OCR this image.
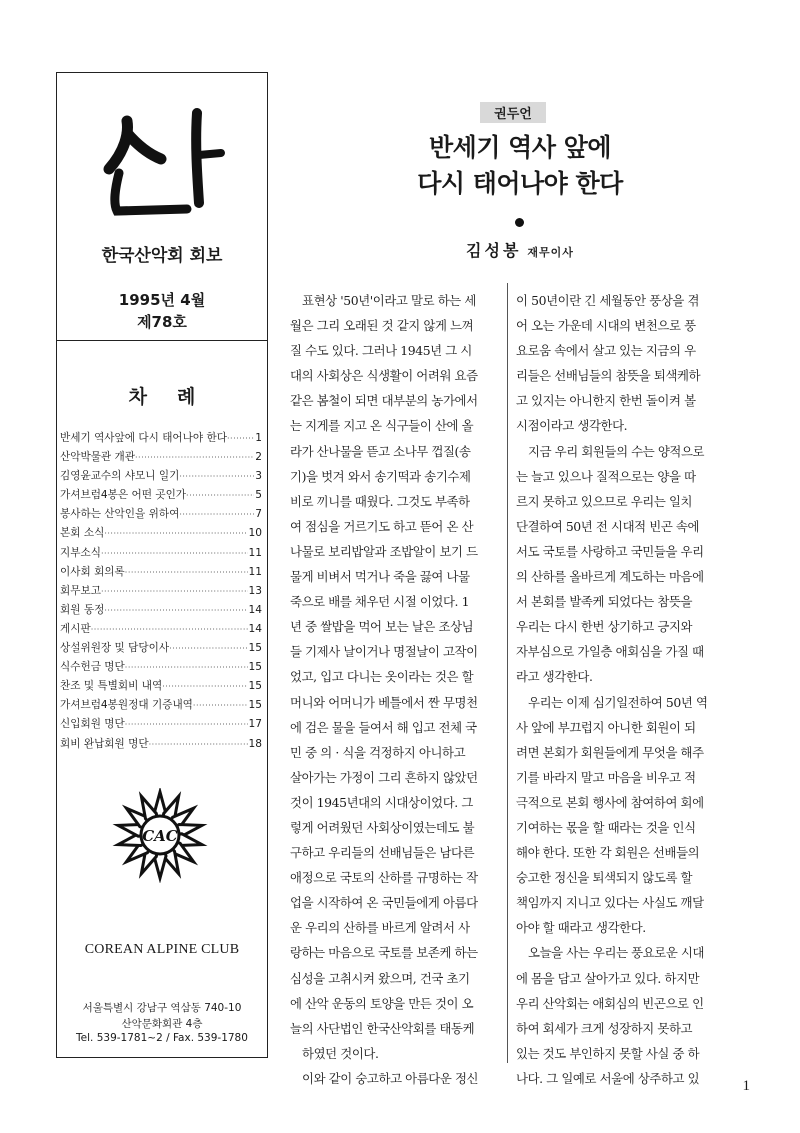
한국산악회 회보
1995년 4월
제78호
차례
반세기 역사앞에 다시 태어나야 한다 ·····	1
산악박물관 개관 ·····	2
김영윤교수의 샤모니 일기 ·····	3
가셔브럼4봉은 어떤 곳인가 ·····	5
봉사하는 산악인을 위하여 ·····	7
본회 소식 ·····	10
지부소식 ·····	11
이사회 회의록 ·····	11
회무보고 ·····	13
회원 동정 ·····	14
게시판 ·····	14
상설위원장 및 담당이사 ·····	15
식수헌금 명단 ·····	15
찬조 및 특별회비 내역 ·····	15
가셔브럼4봉원정대 기증내역 ·····	15
신입회원 명단 ·····	17
회비 완납회원 명단 ·····	18
CAC
COREAN ALPINE CLUB
서울특별시 강남구 역삼동 740-10
산악문화회관 4층
Tel. 539-1781~2 / Fax. 539-1780
권두언
반세기 역사 앞에
다시 태어나야 한다
김성봉 재무이사
표현상 '50년'이라고 말로 하는 세
월은 그리 오래된 것 같지 않게 느껴
질 수도 있다. 그러나 1945년 그 시
대의 사회상은 식생활이 어려워 요즘
같은 봄철이 되면 대부분의 농가에서
는 지게를 지고 온 식구들이 산에 올
라가 산나물을 뜯고 소나무 껍질(송
기)을 벗겨 와서 송기떡과 송기수제
비로 끼니를 때웠다. 그것도 부족하
여 점심을 거르기도 하고 뜯어 온 산
나물로 보리밥알과 조밥알이 보기 드
물게 비벼서 먹거나 죽을 끓여 나물
죽으로 배를 채우던 시절 이었다. 1
년 중 쌀밥을 먹어 보는 날은 조상님
들 기제사 날이거나 명절날이 고작이
었고, 입고 다니는 옷이라는 것은 할
머니와 어머니가 베틀에서 짠 무명천
에 검은 물을 들여서 해 입고 전체 국
민 중 의 · 식을 걱정하지 아니하고
살아가는 가정이 그리 흔하지 않았던
것이 1945년대의 시대상이었다. 그
렇게 어려웠던 사회상이였는데도 불
구하고 우리들의 선배님들은 남다른
애정으로 국토의 산하를 규명하는 작
업을 시작하여 온 국민들에게 아름다
운 우리의 산하를 바르게 알려서 사
랑하는 마음으로 국토를 보존케 하는
심성을 고취시켜 왔으며, 건국 초기
에 산악 운동의 토양을 만든 것이 오
늘의 사단법인 한국산악회를 태동케
하였던 것이다.
이와 같이 숭고하고 아름다운 정신
이 50년이란 긴 세월동안 풍상을 겪
어 오는 가운데 시대의 변천으로 풍
요로움 속에서 살고 있는 지금의 우
리들은 선배님들의 참뜻을 퇴색케하
고 있지는 아니한지 한번 돌이켜 볼
시점이라고 생각한다.
지금 우리 회원들의 수는 양적으로
는 늘고 있으나 질적으로는 양을 따
르지 못하고 있으므로 우리는 일치
단결하여 50년 전 시대적 빈곤 속에
서도 국토를 사랑하고 국민들을 우리
의 산하를 올바르게 계도하는 마음에
서 본회를 발족케 되었다는 참뜻을
우리는 다시 한번 상기하고 긍지와
자부심으로 가일층 애회심을 가질 때
라고 생각한다.
우리는 이제 심기일전하여 50년 역
사 앞에 부끄럽지 아니한 회원이 되
려면 본회가 회원들에게 무엇을 해주
기를 바라지 말고 마음을 비우고 적
극적으로 본회 행사에 참여하여 회에
기여하는 몫을 할 때라는 것을 인식
해야 한다. 또한 각 회원은 선배들의
숭고한 정신을 퇴색되지 않도록 할
책임까지 지니고 있다는 사실도 깨달
아야 할 때라고 생각한다.
오늘을 사는 우리는 풍요로운 시대
에 몸을 담고 살아가고 있다. 하지만
우리 산악회는 애회심의 빈곤으로 인
하여 회세가 크게 성장하지 못하고
있는 것도 부인하지 못할 사실 중 하
나다. 그 일예로 서울에 상주하고 있	1
